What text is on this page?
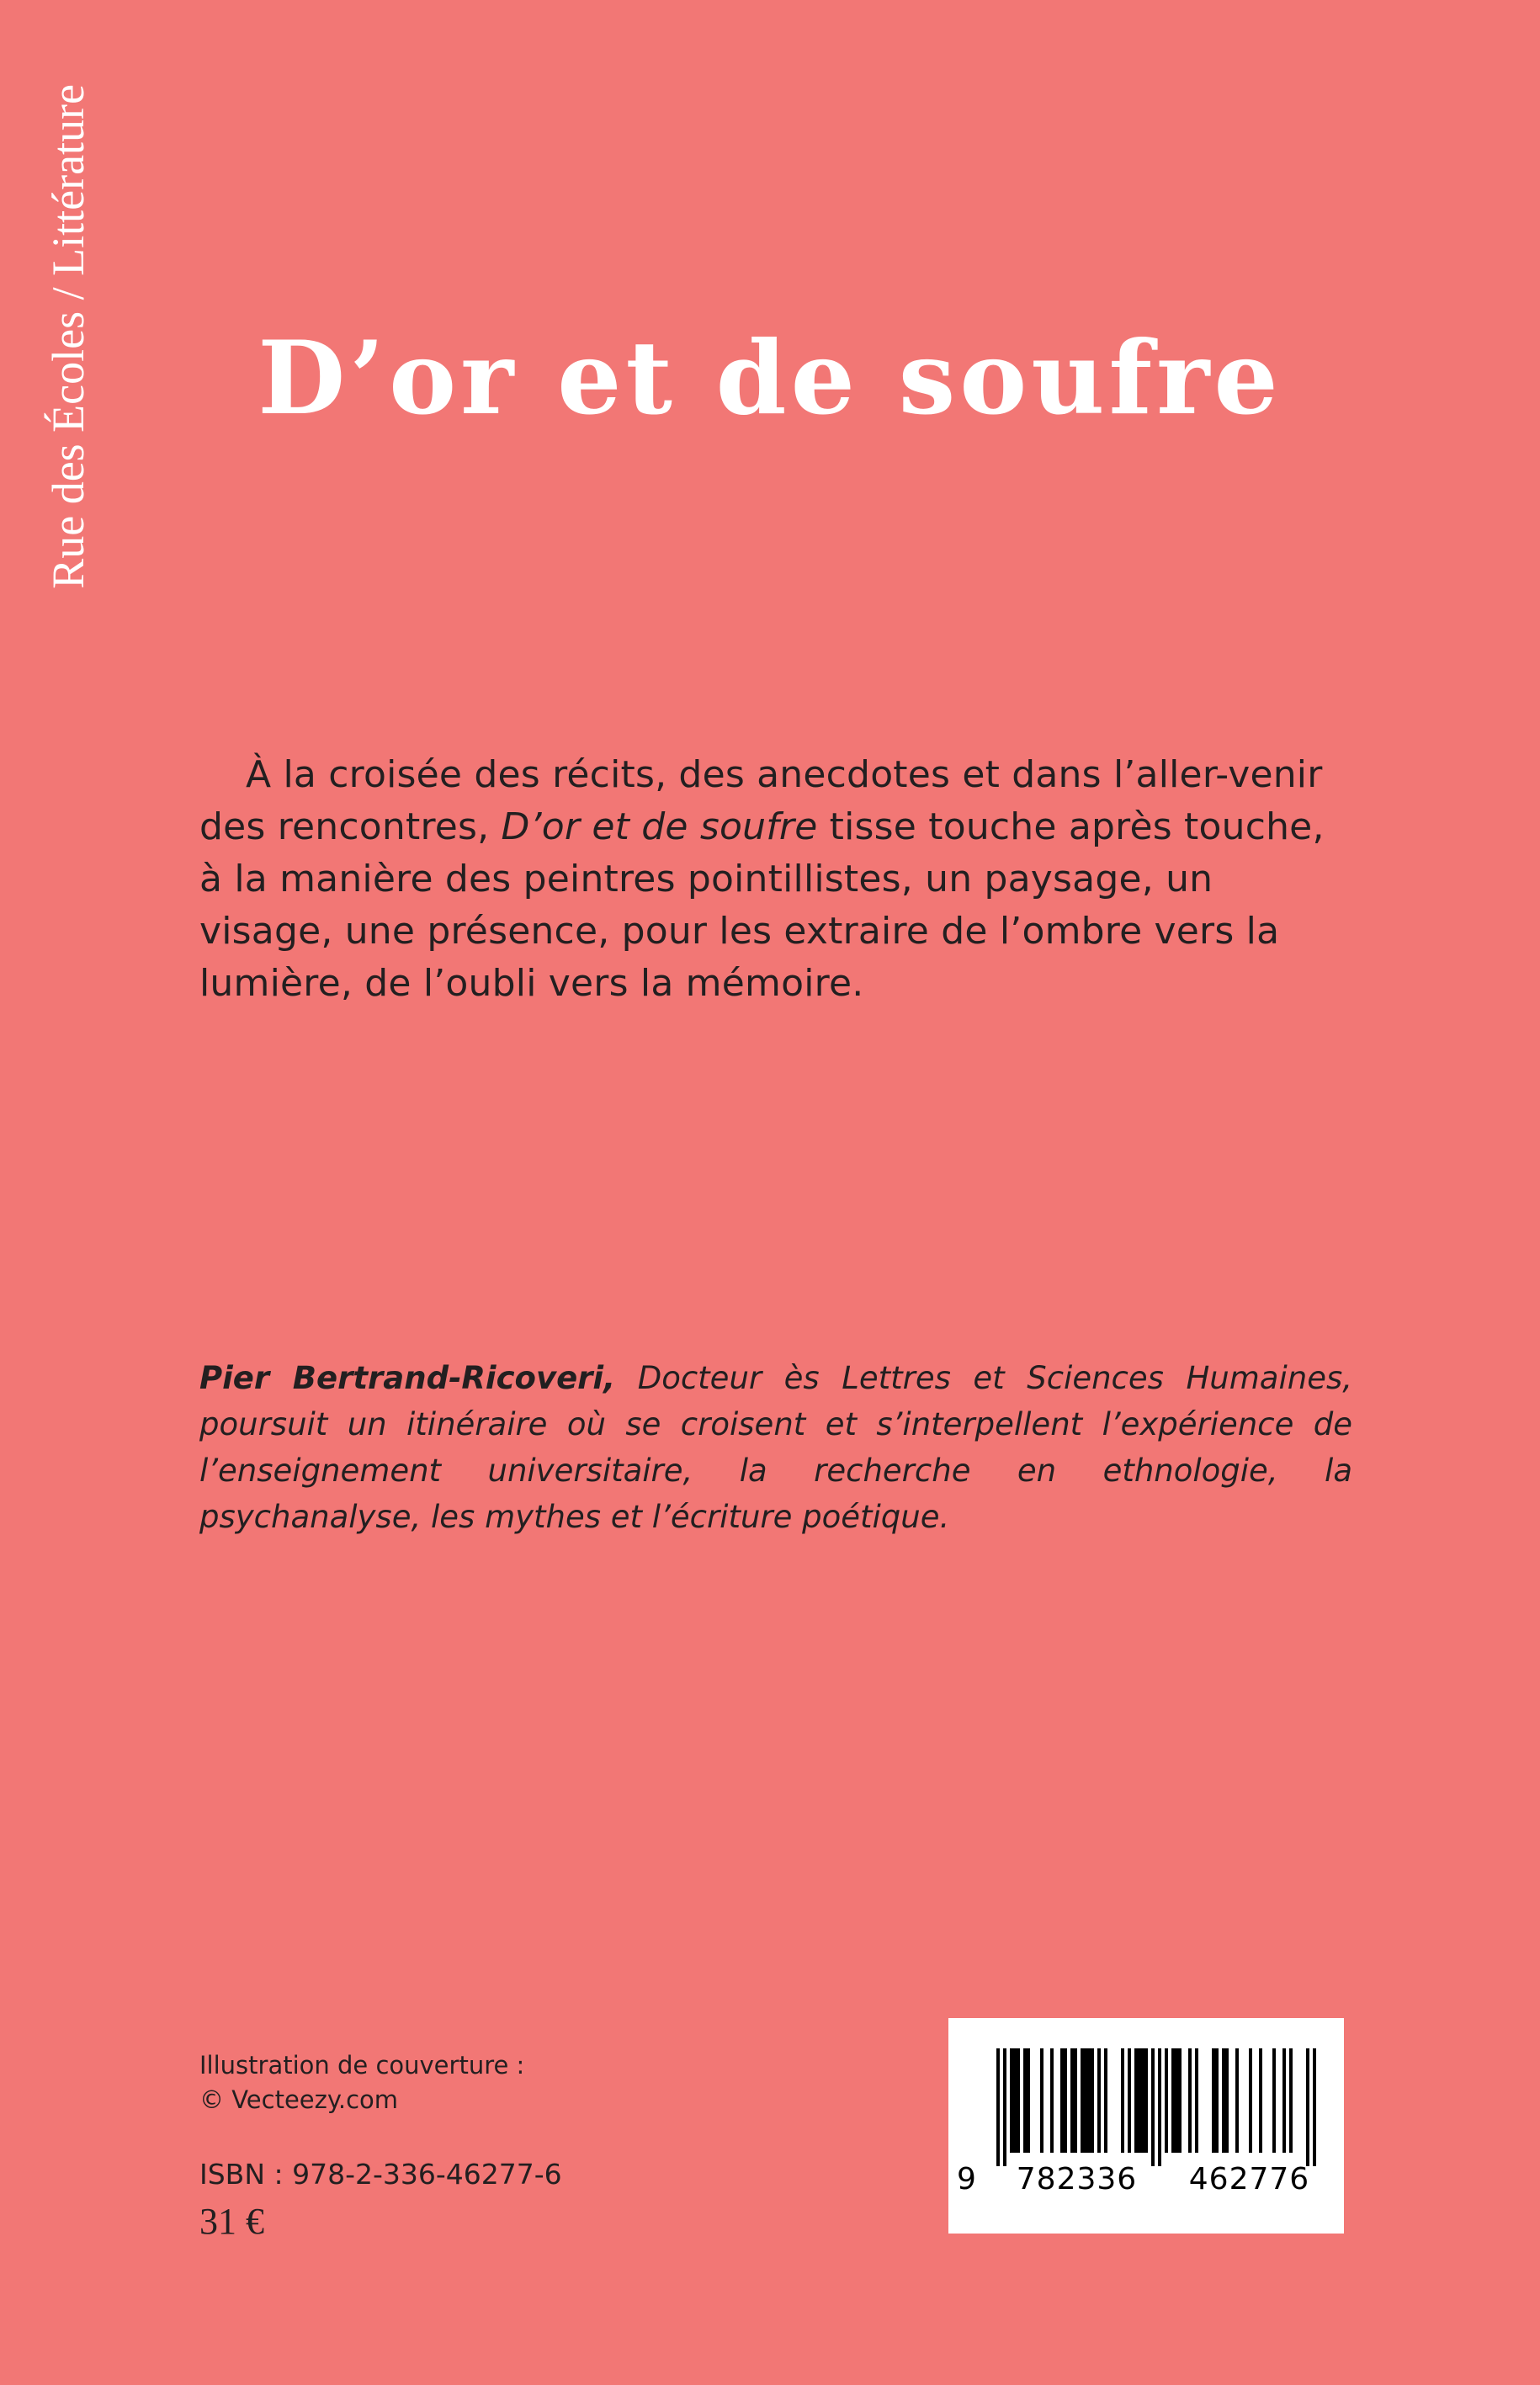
Rue des Écoles / Littérature	D’or et de soufre

À la croisée des récits, des anecdotes et dans l’aller-venir des rencontres, D’or et de soufre tisse touche après touche, à la manière des peintres pointillistes, un paysage, un visage, une présence, pour les extraire de l’ombre vers la lumière, de l’oubli vers la mémoire.

Pier Bertrand-Ricoveri, Docteur ès Lettres et Sciences Humaines, poursuit un itinéraire où se croisent et s’interpellent l’expérience de l’enseignement universitaire, la recherche en ethnologie, la psychanalyse, les mythes et l’écriture poétique.

Illustration de couverture :
© Vecteezy.com
ISBN : 978-2-336-46277-6
31 €
9	782336	462776
